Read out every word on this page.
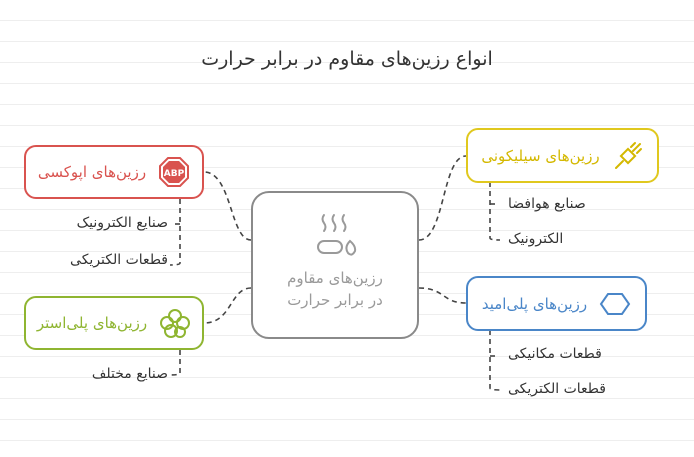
انواع رزین‌های مقاوم در برابر حرارت
رزین‌های مقاوم
در برابر حرارت
ABP
رزین‌های اپوکسی
صنایع الکترونیک
قطعات الکتریکی
رزین‌های پلی‌استر
صنایع مختلف
رزین‌های سیلیکونی
صنایع هوافضا
الکترونیک
رزین‌های پلی‌امید
قطعات مکانیکی
قطعات الکتریکی
